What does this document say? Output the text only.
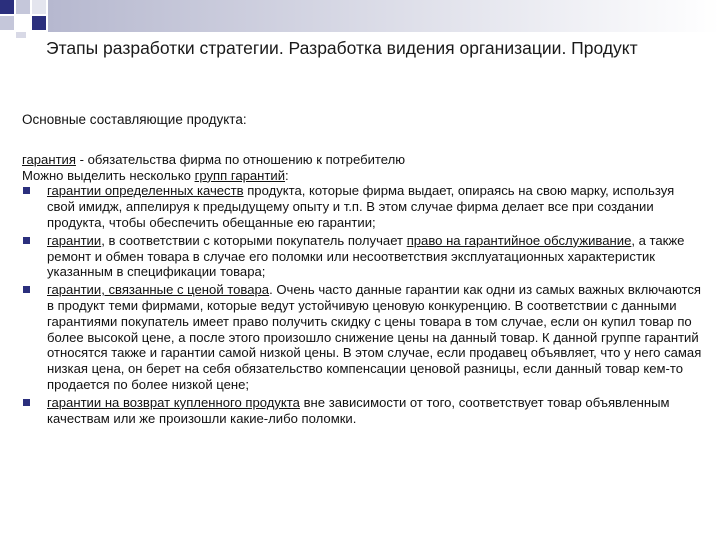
Этапы разработки стратегии. Разработка видения организации. Продукт

Основные составляющие продукта:

гарантия - обязательства фирма по отношению к потребителю

Можно выделить несколько групп гарантий:

гарантии определенных качеств продукта, которые фирма выдает, опираясь на свою марку, используя свой имидж, аппелируя к предыдущему опыту и т.п. В этом случае фирма делает все при создании продукта, чтобы обеспечить обещанные ею гарантии;
гарантии, в соответствии с которыми покупатель получает право на гарантийное обслуживание, а также ремонт и обмен товара в случае его поломки или несоответствия эксплуатационных характеристик указанным в спецификации товара;
гарантии, связанные с ценой товара. Очень часто данные гарантии как одни из самых важных включаются в продукт теми фирмами, которые ведут устойчивую ценовую конкуренцию. В соответствии с данными гарантиями покупатель имеет право получить скидку с цены товара в том случае, если он купил товар по более высокой цене, а после этого произошло снижение цены на данный товар. К данной группе гарантий относятся также и гарантии самой низкой цены. В этом случае, если продавец объявляет, что у него самая низкая цена, он берет на себя обязательство компенсации ценовой разницы, если данный товар кем-то продается по более низкой цене;
гарантии на возврат купленного продукта вне зависимости от того, соответствует товар объявленным качествам или же произошли какие-либо поломки.
